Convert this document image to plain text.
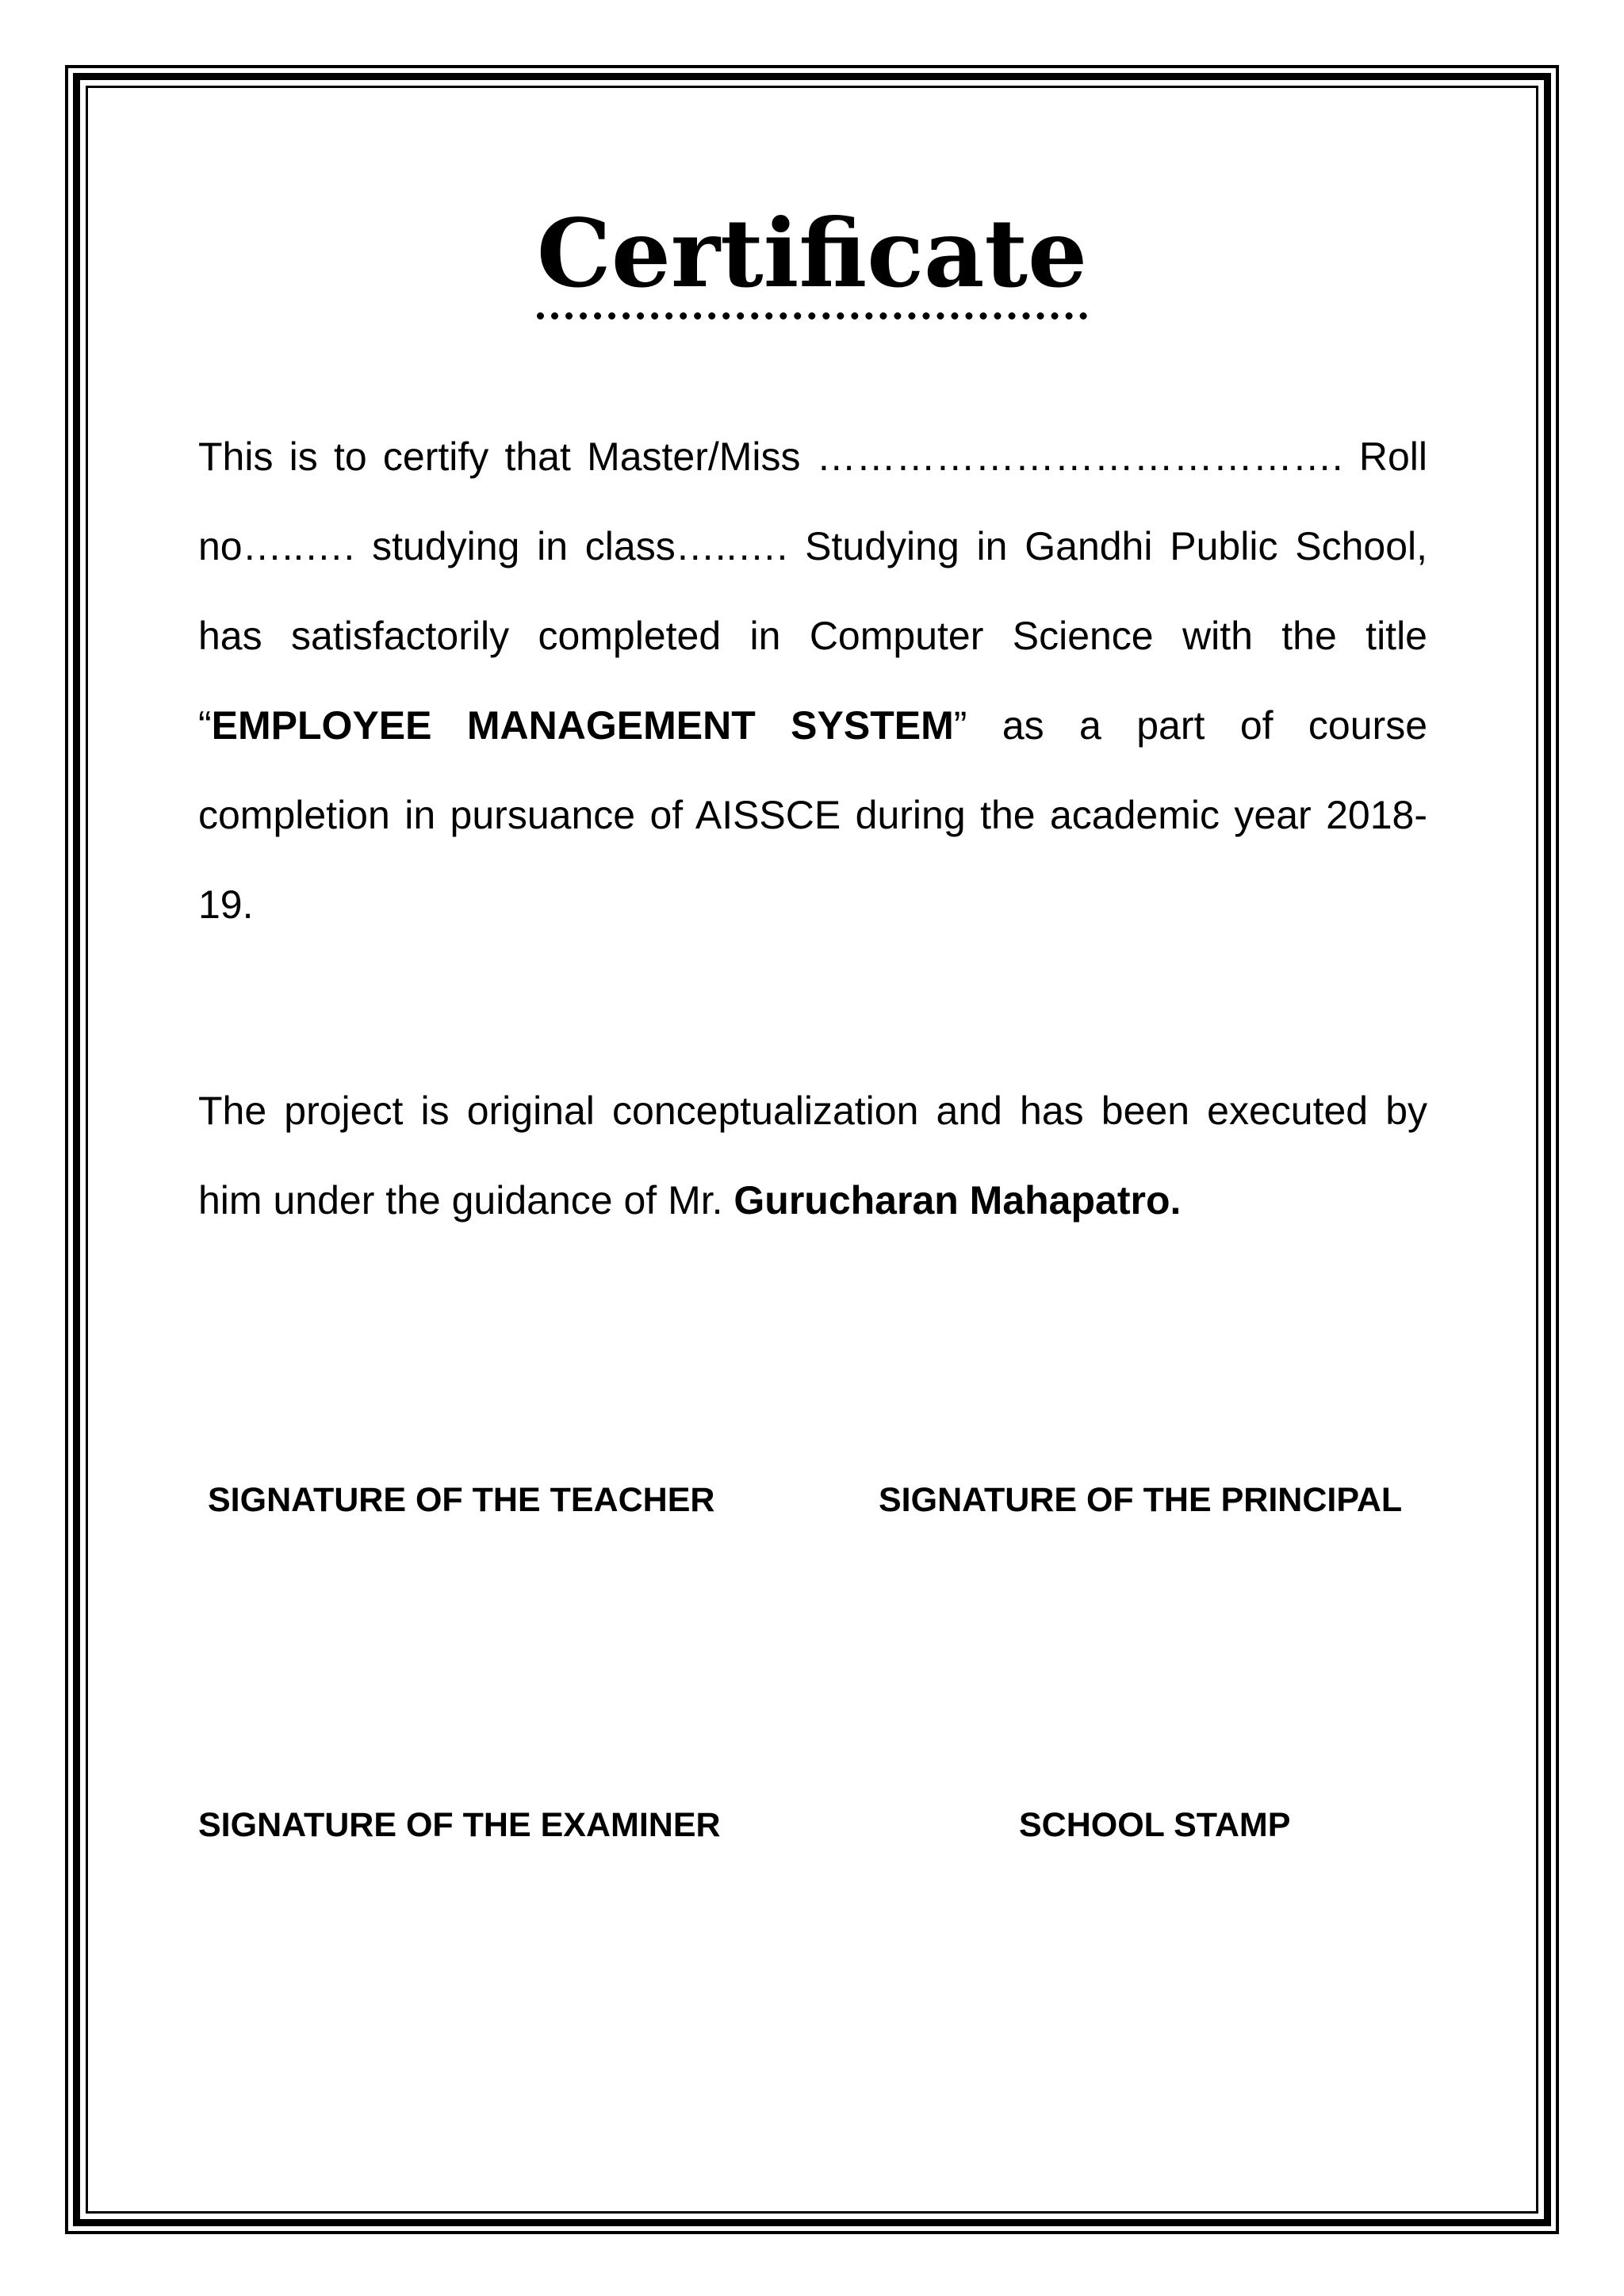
Certificate
This is to certify that Master/Miss …………………………………. Roll no…..…. studying in class…..…. Studying in Gandhi Public School, has satisfactorily completed in Computer Science with the title “EMPLOYEE MANAGEMENT SYSTEM” as a part of course completion in pursuance of AISSCE during the academic year 2018-19.
The project is original conceptualization and has been executed by him under the guidance of Mr. Gurucharan Mahapatro.
SIGNATURE OF THE TEACHER	SIGNATURE OF THE PRINCIPAL
SIGNATURE OF THE EXAMINER	SCHOOL STAMP
